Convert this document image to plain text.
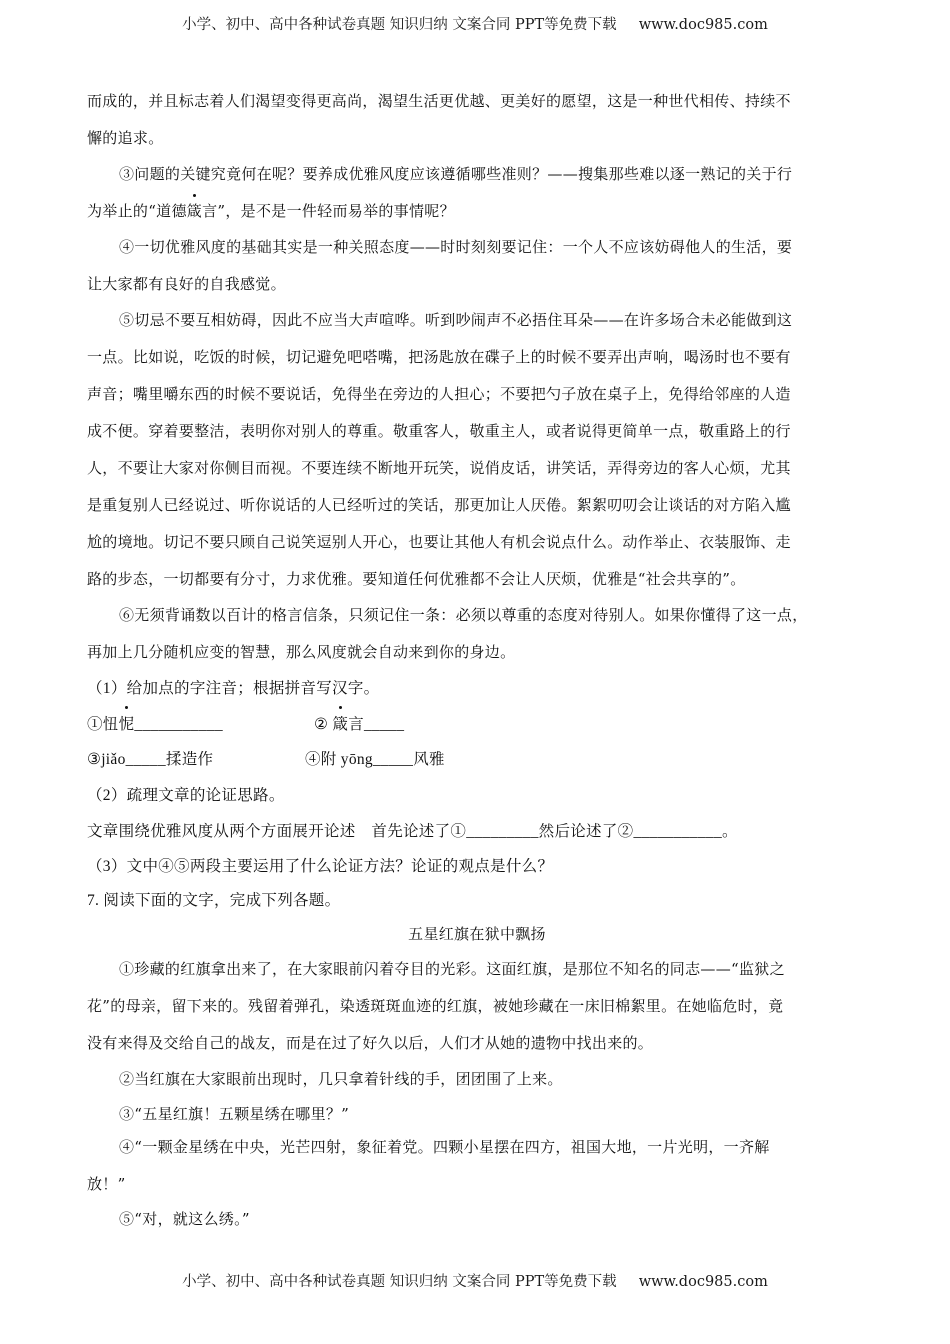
小学、初中、高中各种试卷真题 知识归纳 文案合同 PPT等免费下载 www.doc985.com
而成的，并且标志着人们渴望变得更高尚，渴望生活更优越、更美好的愿望，这是一种世代相传、持续不
懈的追求。
③问题的关键究竟何在呢？要养成优雅风度应该遵循哪些准则？——搜集那些难以逐一熟记的关于行
为举止的“道德箴言”，是不是一件轻而易举的事情呢？
④一切优雅风度的基础其实是一种关照态度——时时刻刻要记住：一个人不应该妨碍他人的生活，要
让大家都有良好的自我感觉。
⑤切忌不要互相妨碍，因此不应当大声喧哗。听到吵闹声不必捂住耳朵——在许多场合未必能做到这
一点。比如说，吃饭的时候，切记避免吧嗒嘴，把汤匙放在碟子上的时候不要弄出声响，喝汤时也不要有
声音；嘴里嚼东西的时候不要说话，免得坐在旁边的人担心；不要把勺子放在桌子上，免得给邻座的人造
成不便。穿着要整洁，表明你对别人的尊重。敬重客人，敬重主人，或者说得更简单一点，敬重路上的行
人，不要让大家对你侧目而视。不要连续不断地开玩笑，说俏皮话，讲笑话，弄得旁边的客人心烦，尤其
是重复别人已经说过、听你说话的人已经听过的笑话，那更加让人厌倦。絮絮叨叨会让谈话的对方陷入尴
尬的境地。切记不要只顾自己说笑逗别人开心，也要让其他人有机会说点什么。动作举止、衣装服饰、走
路的步态，一切都要有分寸，力求优雅。要知道任何优雅都不会让人厌烦，优雅是“社会共享的”。
⑥无须背诵数以百计的格言信条，只须记住一条：必须以尊重的态度对待别人。如果你懂得了这一点，
再加上几分随机应变的智慧，那么风度就会自动来到你的身边。
（1）给加点的字注音；根据拼音写汉字。
①忸怩___________	② 箴言_____
③jiǎo_____揉造作	④附 yōng_____风雅
（2）疏理文章的论证思路。
文章围绕优雅风度从两个方面展开论述　首先论述了①_________然后论述了②___________。
（3）文中④⑤两段主要运用了什么论证方法？论证的观点是什么？
7. 阅读下面的文字，完成下列各题。
五星红旗在狱中飘扬
①珍藏的红旗拿出来了，在大家眼前闪着夺目的光彩。这面红旗，是那位不知名的同志——“监狱之
花”的母亲，留下来的。残留着弹孔，染透斑斑血迹的红旗，被她珍藏在一床旧棉絮里。在她临危时，竟
没有来得及交给自己的战友，而是在过了好久以后，人们才从她的遗物中找出来的。
②当红旗在大家眼前出现时，几只拿着针线的手，团团围了上来。
③“五星红旗！五颗星绣在哪里？”
④“一颗金星绣在中央，光芒四射，象征着党。四颗小星摆在四方，祖国大地，一片光明，一齐解
放！”
⑤“对，就这么绣。”
小学、初中、高中各种试卷真题 知识归纳 文案合同 PPT等免费下载 www.doc985.com
